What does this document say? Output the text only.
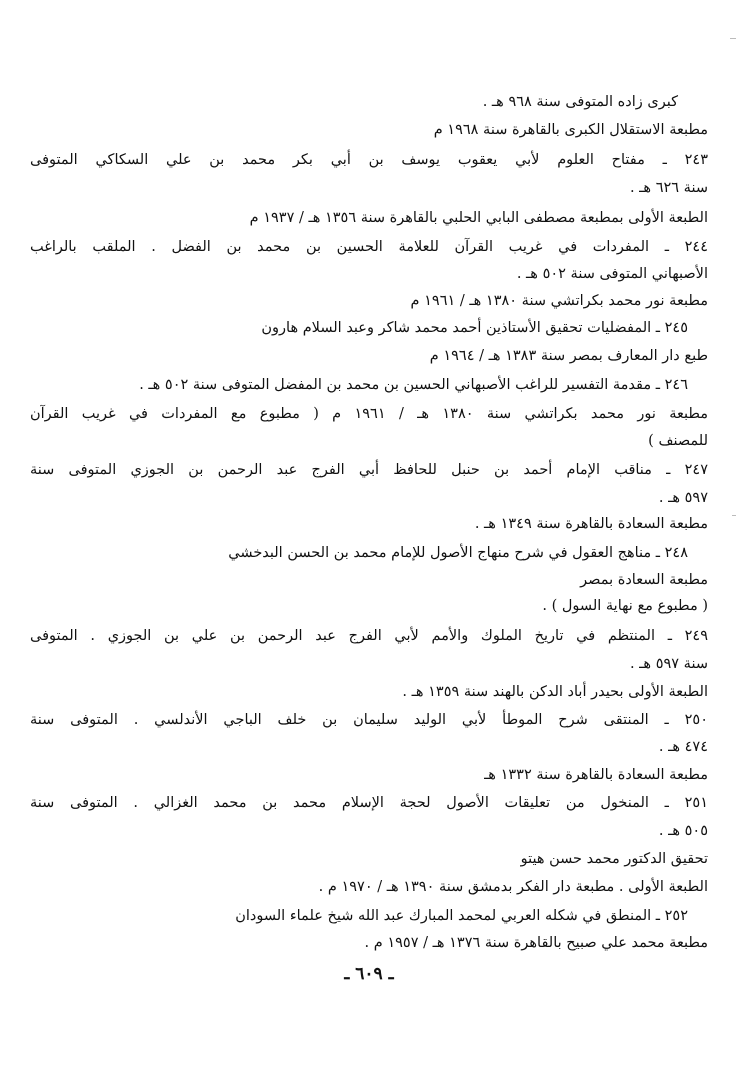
كبرى زاده المتوفى سنة ٩٦٨ هـ .
مطبعة الاستقلال الكبرى بالقاهرة سنة ١٩٦٨ م
٢٤٣ ـ مفتاح العلوم لأبي يعقوب يوسف بن أبي بكر محمد بن علي السكاكي المتوفى
سنة ٦٢٦ هـ .
الطبعة الأولى بمطبعة مصطفى البابي الحلبي بالقاهرة سنة ١٣٥٦ هـ / ١٩٣٧ م
٢٤٤ ـ المفردات في غريب القرآن للعلامة الحسين بن محمد بن الفضل . الملقب بالراغب
الأصبهاني المتوفى سنة ٥٠٢ هـ .
مطبعة نور محمد بكراتشي سنة ١٣٨٠ هـ / ١٩٦١ م
٢٤٥ ـ المفضليات تحقيق الأستاذين أحمد محمد شاكر وعبد السلام هارون
طبع دار المعارف بمصر سنة ١٣٨٣ هـ / ١٩٦٤ م
٢٤٦ ـ مقدمة التفسير للراغب الأصبهاني الحسين بن محمد بن المفضل المتوفى سنة ٥٠٢ هـ .
مطبعة نور محمد بكراتشي سنة ١٣٨٠ هـ / ١٩٦١ م ( مطبوع مع المفردات في غريب القرآن
للمصنف )
٢٤٧ ـ مناقب الإمام أحمد بن حنبل للحافظ أبي الفرج عبد الرحمن بن الجوزي المتوفى سنة
٥٩٧ هـ .
مطبعة السعادة بالقاهرة سنة ١٣٤٩ هـ .
٢٤٨ ـ مناهج العقول في شرح منهاج الأصول للإمام محمد بن الحسن البدخشي
مطبعة السعادة بمصر
( مطبوع مع نهاية السول ) .
٢٤٩ ـ المنتظم في تاريخ الملوك والأمم لأبي الفرج عبد الرحمن بن علي بن الجوزي . المتوفى
سنة ٥٩٧ هـ .
الطبعة الأولى بحيدر أباد الدكن بالهند سنة ١٣٥٩ هـ .
٢٥٠ ـ المنتقى شرح الموطأ لأبي الوليد سليمان بن خلف الباجي الأندلسي . المتوفى سنة
٤٧٤ هـ .
مطبعة السعادة بالقاهرة سنة ١٣٣٢ هـ
٢٥١ ـ المنخول من تعليقات الأصول لحجة الإسلام محمد بن محمد الغزالي . المتوفى سنة
٥٠٥ هـ .
تحقيق الدكتور محمد حسن هيتو
الطبعة الأولى . مطبعة دار الفكر بدمشق سنة ١٣٩٠ هـ / ١٩٧٠ م .
٢٥٢ ـ المنطق في شكله العربي لمحمد المبارك عبد الله شيخ علماء السودان
مطبعة محمد علي صبيح بالقاهرة سنة ١٣٧٦ هـ / ١٩٥٧ م .
ـ ٦٠٩ ـ
